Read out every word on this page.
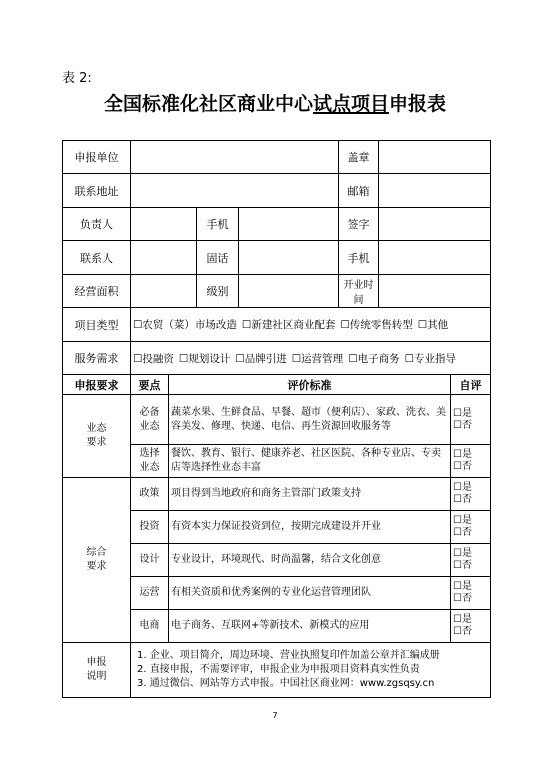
表 2:
全国标准化社区商业中心试点项目申报表
申报单位					盖章		
联系地址					邮箱		
负责人			手机		签字		
联系人			固话		手机		
经营面积			级别		开业时间		
项目类型	☐农贸（菜）市场改造 ☐新建社区商业配套 ☐传统零售转型 ☐其他						
服务需求	☐投融资 ☐规划设计 ☐品牌引进 ☐运营管理 ☐电子商务 ☐专业指导						
申报要求	要点	评价标准					自评

业态要求	必备业态	蔬菜水果、生鲜食品、早餐、超市（便利店）、家政、洗衣、美容美发、修理、快递、电信、再生资源回收服务等					☐是
☐否

	选择业态	餐饮、教育、银行、健康养老、社区医院、各种专业店、专卖店等选择性业态丰富					☐是
☐否

综合要求	政策	项目得到当地政府和商务主管部门政策支持					☐是
☐否

	投资	有资本实力保证投资到位，按期完成建设并开业					☐是
☐否

	设计	专业设计，环境现代、时尚温馨，结合文化创意					☐是
☐否

	运营	有相关资质和优秀案例的专业化运营管理团队					☐是
☐否

	电商	电子商务、互联网+等新技术、新模式的应用					☐是
☐否

申报说明	1. 企业、项目简介，周边环境、营业执照复印件加盖公章并汇编成册
2. 直接申报，不需要评审，申报企业为申报项目资料真实性负责
3. 通过微信、网站等方式申报。中国社区商业网：www.zgsqsy.cn						
7
